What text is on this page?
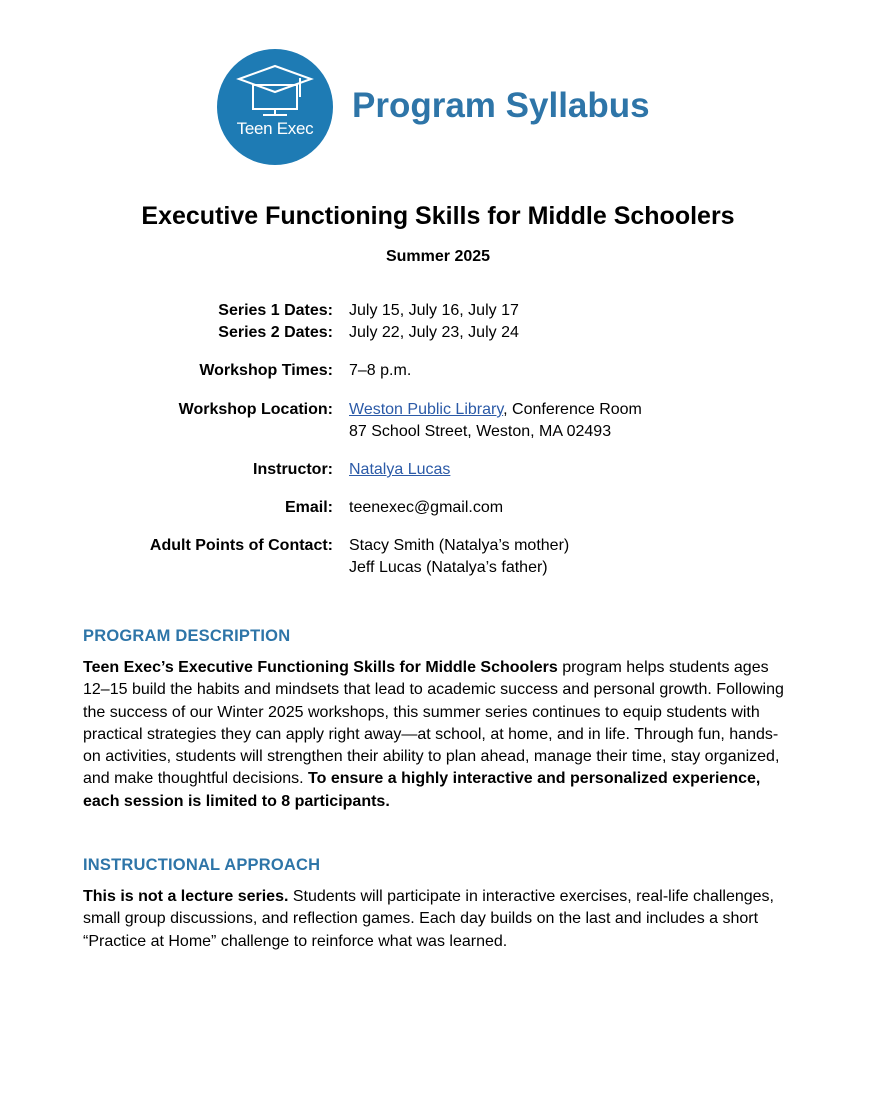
Teen Exec
Program Syllabus
Executive Functioning Skills for Middle Schoolers
Summer 2025
Series 1 Dates: July 15, July 16, July 17
Series 2 Dates: July 22, July 23, July 24
Workshop Times: 7–8 p.m.
Workshop Location: Weston Public Library, Conference Room
87 School Street, Weston, MA 02493
Instructor: Natalya Lucas
Email: teenexec@gmail.com
Adult Points of Contact: Stacy Smith (Natalya’s mother)
Jeff Lucas (Natalya’s father)
PROGRAM DESCRIPTION
Teen Exec’s Executive Functioning Skills for Middle Schoolers program helps students ages 12–15 build the habits and mindsets that lead to academic success and personal growth. Following the success of our Winter 2025 workshops, this summer series continues to equip students with practical strategies they can apply right away—at school, at home, and in life. Through fun, hands-on activities, students will strengthen their ability to plan ahead, manage their time, stay organized, and make thoughtful decisions. To ensure a highly interactive and personalized experience, each session is limited to 8 participants.
INSTRUCTIONAL APPROACH
This is not a lecture series. Students will participate in interactive exercises, real-life challenges, small group discussions, and reflection games. Each day builds on the last and includes a short “Practice at Home” challenge to reinforce what was learned.
